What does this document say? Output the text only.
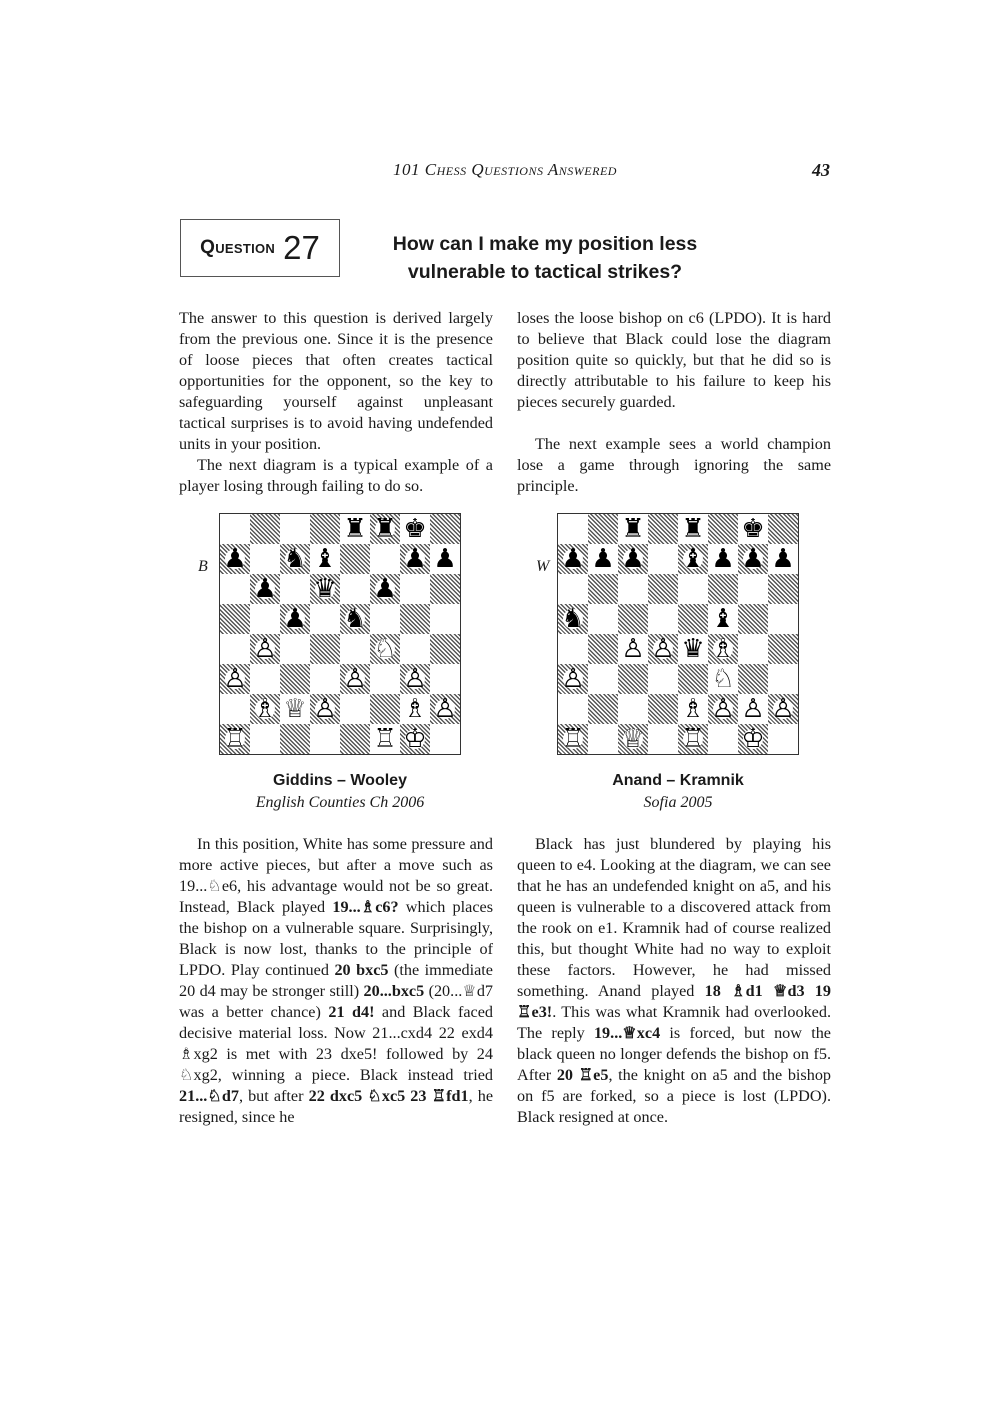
101 Chess Questions Answered	43
Question 27	How can I make my position less
vulnerable to tactical strikes?

The answer to this question is derived largely from the previous one. Since it is the presence of loose pieces that often creates tactical opportunities for the opponent, so the key to safeguarding yourself against unpleasant tactical surprises is to avoid having undefended units in your position.

The next diagram is a typical example of a player losing through failing to do so.

loses the loose bishop on c6 (LPDO). It is hard to believe that Black could lose the diagram position quite so quickly, but that he did so is directly attributable to his failure to keep his pieces securely guarded.

The next example sees a world champion lose a game through ignoring the same principle.

B
♜ ♜ ♚
♟ ♞ ♝	♟ ♟
♟ ♛ ♟
♟ ♞
♙	♘
♙	♙ ♙
♗ ♕ ♙	♗ ♙
♖	♖ ♔
W
♜ ♜ ♚
♟ ♟ ♟ ♝ ♟ ♟ ♟
♞	♝
♙ ♙ ♛ ♗
♙	♘
♗ ♙ ♙ ♙
♖ ♕ ♖ ♔
Giddins – Wooley
English Counties Ch 2006
Anand – Kramnik
Sofia 2005

In this position, White has some pressure and more active pieces, but after a move such as 19...♘e6, his advantage would not be so great. Instead, Black played 19...♗c6? which places the bishop on a vulnerable square. Surprisingly, Black is now lost, thanks to the principle of LPDO. Play continued 20 bxc5 (the immediate 20 d4 may be stronger still) 20...bxc5 (20...♕d7 was a better chance) 21 d4! and Black faced decisive material loss. Now 21...cxd4 22 exd4 ♗xg2 is met with 23 dxe5! followed by 24 ♘xg2, winning a piece. Black instead tried 21...♘d7, but after 22 dxc5 ♘xc5 23 ♖fd1, he resigned, since he

Black has just blundered by playing his queen to e4. Looking at the diagram, we can see that he has an undefended knight on a5, and his queen is vulnerable to a discovered attack from the rook on e1. Kramnik had of course realized this, but thought White had no way to exploit these factors. However, he had missed something. Anand played 18 ♗d1 ♕d3 19 ♖e3!. This was what Kramnik had overlooked. The reply 19...♕xc4 is forced, but now the black queen no longer defends the bishop on f5. After 20 ♖e5, the knight on a5 and the bishop on f5 are forked, so a piece is lost (LPDO). Black resigned at once.
